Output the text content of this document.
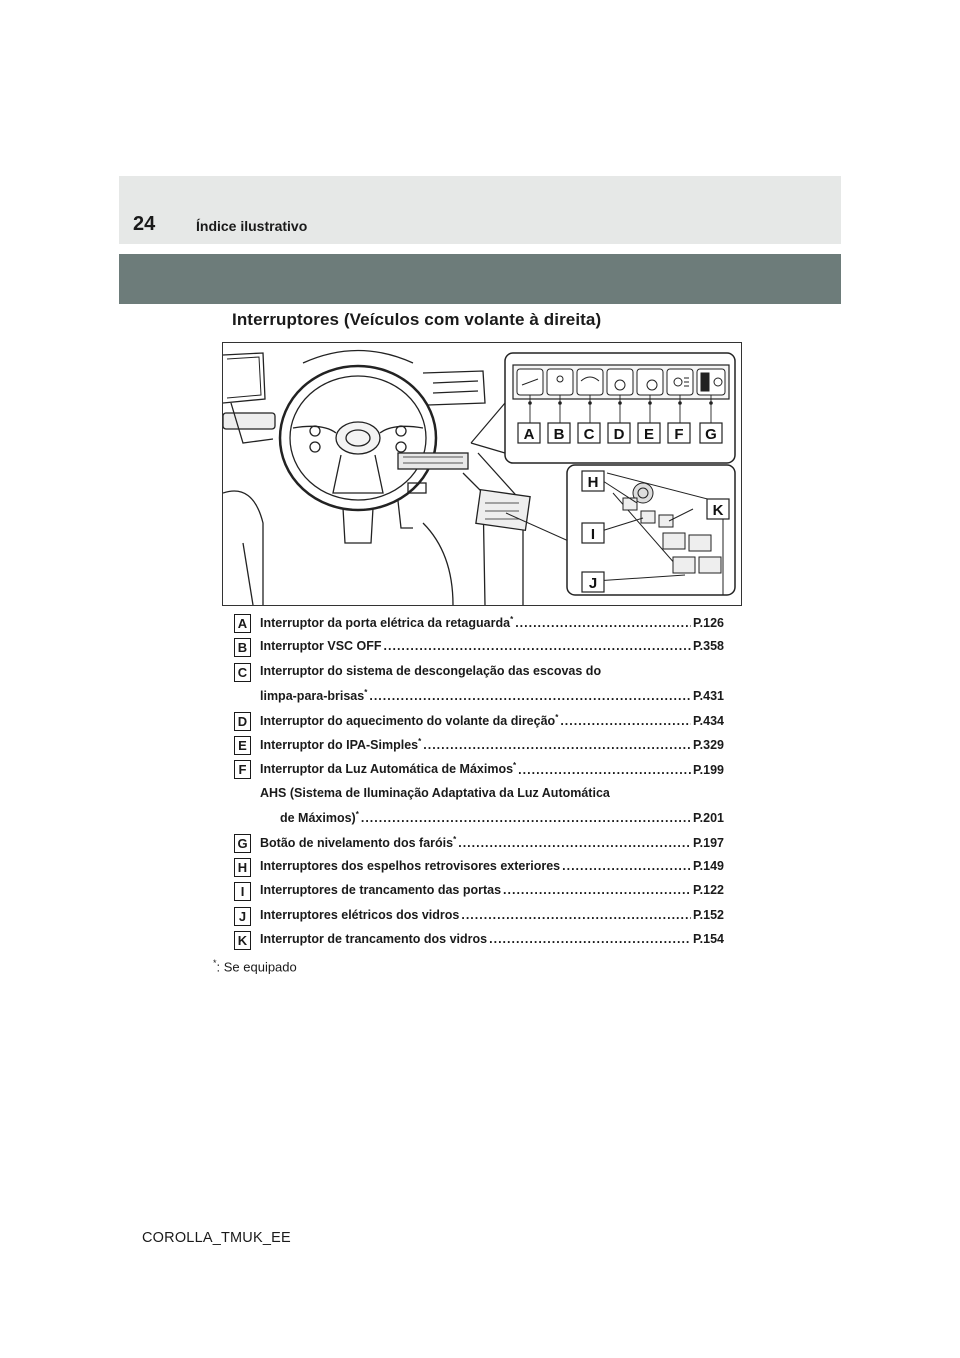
24	Índice ilustrativo
Interruptores (Veículos com volante à direita)
A B C D E F G
H
K
I
J
A	Interruptor da porta elétrica da retaguarda* .....	P.126
B	Interruptor VSC OFF .....	P.358
C	Interruptor do sistema de descongelação das escovas do
limpa-para-brisas* .....	P.431
D	Interruptor do aquecimento do volante da direção* .....	P.434
E	Interruptor do IPA-Simples* .....	P.329
F	Interruptor da Luz Automática de Máximos* .....	P.199
AHS (Sistema de Iluminação Adaptativa da Luz Automática
de Máximos)* .....	P.201
G Botão de nivelamento dos faróis* .....	P.197
H	Interruptores dos espelhos retrovisores exteriores .....	P.149
I	Interruptores de trancamento das portas .....	P.122
J	Interruptores elétricos dos vidros .....	P.152
K	Interruptor de trancamento dos vidros .....	P.154
*: Se equipado
COROLLA_TMUK_EE
